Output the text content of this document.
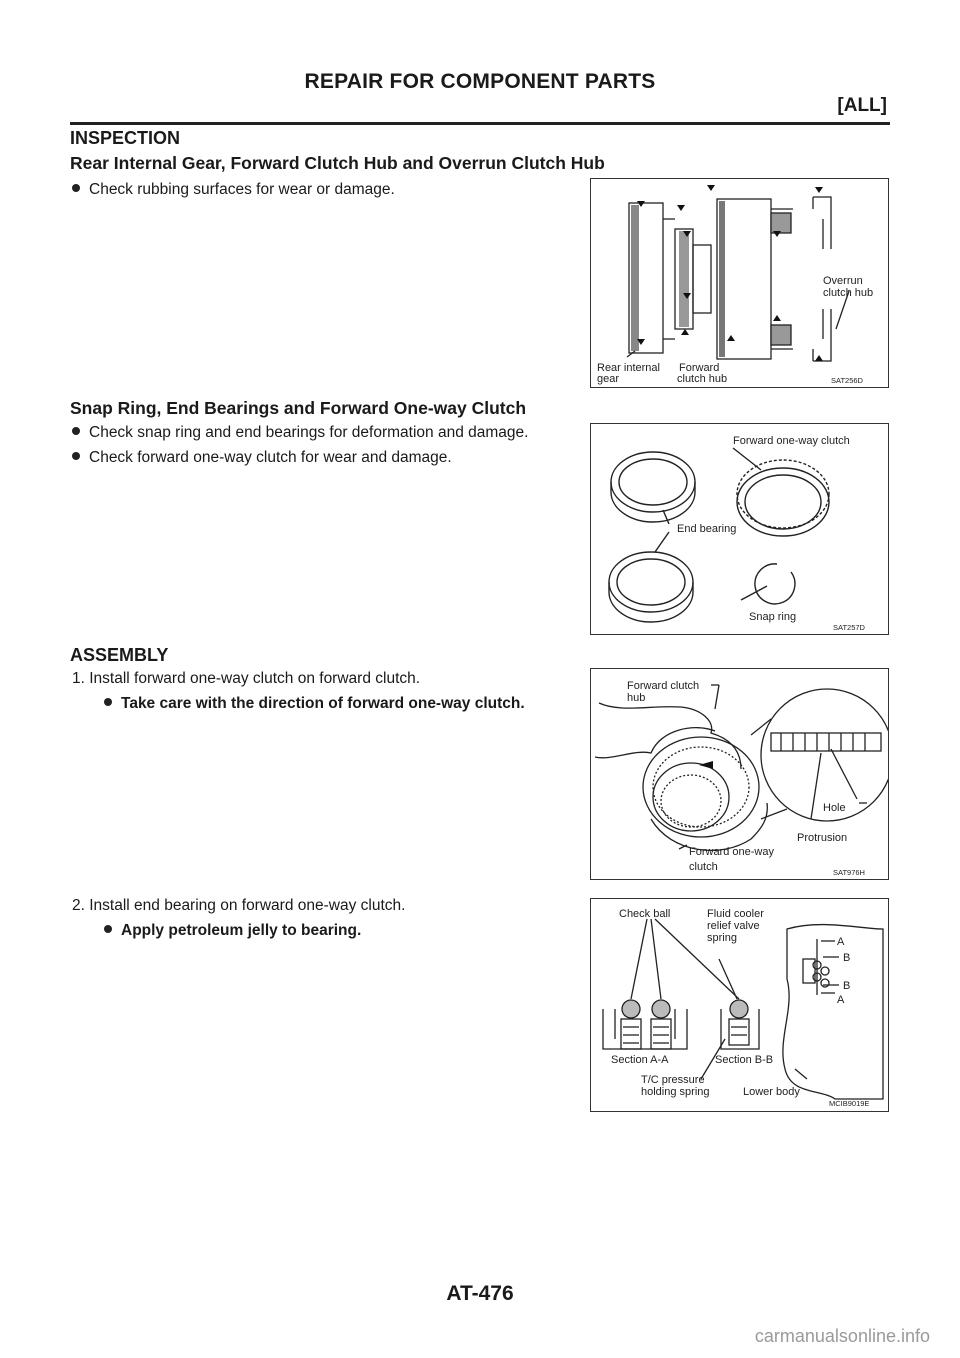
REPAIR FOR COMPONENT PARTS
[ALL]
INSPECTION
Rear Internal Gear, Forward Clutch Hub and Overrun Clutch Hub
Check rubbing surfaces for wear or damage.
Overrun
clutch hub
Rear internal
gear
Forward
clutch hub	SAT256D
Snap Ring, End Bearings and Forward One-way Clutch
Check snap ring and end bearings for deformation and damage.
Check forward one-way clutch for wear and damage.
Forward one-way clutch
End bearing
Snap ring
SAT257D
ASSEMBLY
1. Install forward one-way clutch on forward clutch.
Take care with the direction of forward one-way clutch.
Forward clutch
hub
Hole
Protrusion
Forward one-way
clutch	SAT976H
2. Install end bearing on forward one-way clutch.
Apply petroleum jelly to bearing.
Check ball	Fluid cooler
relief valve
spring	A
B
B
A
Section A-A	Section B-B
T/C pressure
holding spring	Lower body
MCIB9019E
AT-476
carmanualsonline.info
